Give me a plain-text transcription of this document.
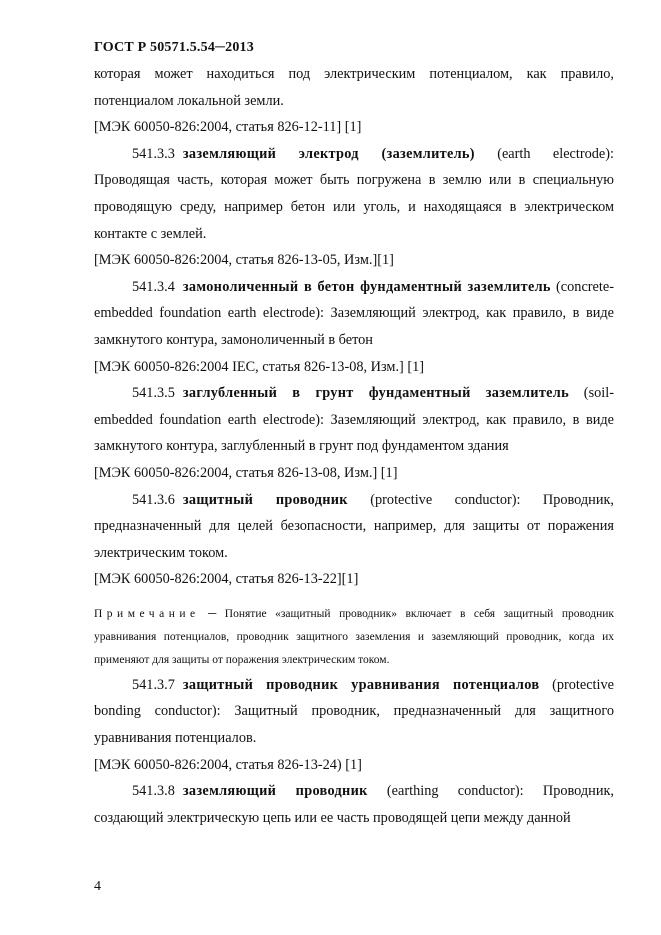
ГОСТ Р 50571.5.54─2013

которая может находиться под электрическим потенциалом, как правило, потенциалом локальной земли.

[МЭК 60050-826:2004, статья 826-12-11] [1]

541.3.3 заземляющий электрод (заземлитель) (earth electrode): Проводящая часть, которая может быть погружена в землю или в специальную проводящую среду, например бетон или уголь, и находящаяся в электрическом контакте с землей.

[МЭК 60050-826:2004, статья 826-13-05, Изм.][1]

541.3.4 замоноличенный в бетон фундаментный заземлитель (concrete-embedded foundation earth electrode): Заземляющий электрод, как правило, в виде замкнутого контура, замоноличенный в бетон

[МЭК 60050-826:2004 IEC, статья 826-13-08, Изм.] [1]

541.3.5 заглубленный в грунт фундаментный заземлитель (soil-embedded foundation earth electrode): Заземляющий электрод, как правило, в виде замкнутого контура, заглубленный в грунт под фундаментом здания

[МЭК 60050-826:2004, статья 826-13-08, Изм.] [1]

541.3.6 защитный проводник (protective conductor): Проводник, предназначенный для целей безопасности, например, для защиты от поражения электрическим током.

[МЭК 60050-826:2004, статья 826-13-22][1]

Примечание ─ Понятие «защитный проводник» включает в себя защитный проводник уравнивания потенциалов, проводник защитного заземления и заземляющий проводник, когда их применяют для защиты от поражения электрическим током.

541.3.7 защитный проводник уравнивания потенциалов (protective bonding conductor): Защитный проводник, предназначенный для защитного уравнивания потенциалов.

[МЭК 60050-826:2004, статья 826-13-24) [1]

541.3.8 заземляющий проводник (earthing conductor): Проводник, создающий электрическую цепь или ее часть проводящей цепи между данной

4
